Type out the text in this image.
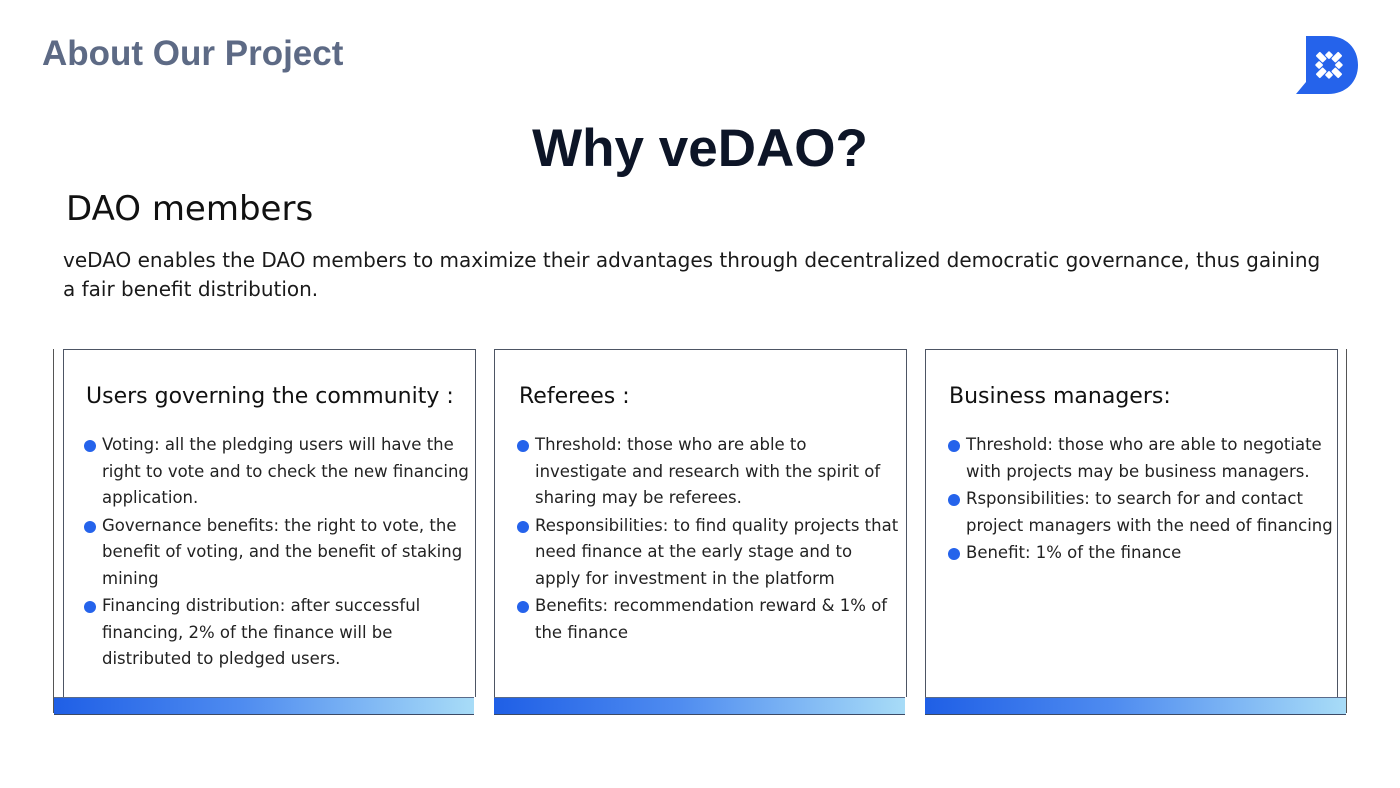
About Our Project
Why veDAO?
DAO members
veDAO enables the DAO members to maximize their advantages through decentralized democratic governance, thus gaining a fair benefit distribution.
Users governing the community :
Voting: all the pledging users will have the right to vote and to check the new financing application.
Governance benefits: the right to vote, the benefit of voting, and the benefit of staking mining
Financing distribution: after successful financing, 2% of the finance will be distributed to pledged users.
Referees :
Threshold: those who are able to investigate and research with the spirit of sharing may be referees.
Responsibilities: to find quality projects that need finance at the early stage and to apply for investment in the platform
Benefits: recommendation reward & 1% of the finance
Business managers:
Threshold: those who are able to negotiate with projects may be business managers.
Rsponsibilities: to search for and contact project managers with the need of financing
Benefit: 1% of the finance
